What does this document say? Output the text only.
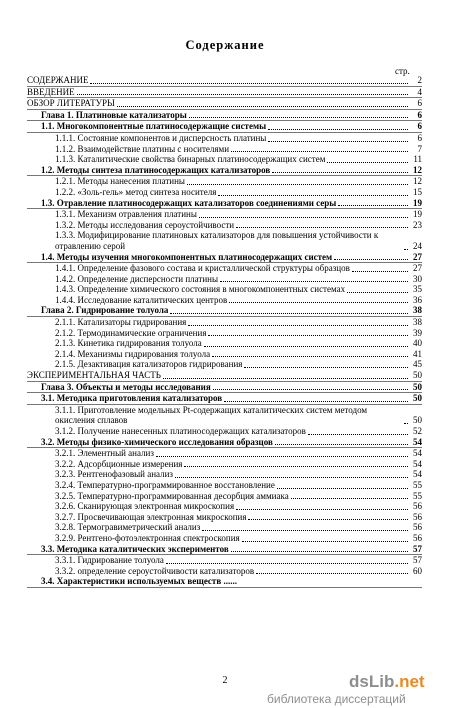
Содержание
стр.
СОДЕРЖАНИЕ	2
ВВЕДЕНИЕ	4
ОБЗОР ЛИТЕРАТУРЫ	6
Глава 1. Платиновые катализаторы	6
1.1. Многокомпонентные платиносодержащие системы	6
1.1.1. Состояние компонентов и дисперсность платины	6
1.1.2. Взаимодействие платины с носителями	7
1.1.3. Каталитические свойства бинарных платиносодержащих систем	11
1.2. Методы синтеза платиносодержащих катализаторов	12
1.2.1. Методы нанесения платины	12
1.2.2. «Золь-гель» метод синтеза носителя	15
1.3. Отравление платиносодержащих катализаторов соединениями серы	19
1.3.1. Механизм отравления платины	19
1.3.2. Методы исследования сероустойчивости	23
1.3.3. Модифицирование платиновых катализаторов для повышения устойчивости к отравлению серой	24
1.4. Методы изучения многокомпонентных платиносодержащих систем	27
1.4.1. Определение фазового состава и кристаллической структуры образцов	27
1.4.2. Определение дисперсности платины	30
1.4.3. Определение химического состояния в многокомпонентных системах	35
1.4.4. Исследование каталитических центров	36
Глава 2. Гидрирование толуола	38
2.1.1. Катализаторы гидрирования	38
2.1.2. Термодинамические ограничения	39
2.1.3. Кинетика гидрирования толуола	40
2.1.4. Механизмы гидрирования толуола	41
2.1.5. Дезактивация катализаторов гидрирования	45
ЭКСПЕРИМЕНТАЛЬНАЯ ЧАСТЬ	50
Глава 3. Объекты и методы исследования	50
3.1. Методика приготовления катализаторов	50
3.1.1. Приготовление модельных Pt-содержащих каталитических систем методом окисления сплавов	50
3.1.2. Получение нанесенных платиносодержащих катализаторов	52
3.2. Методы физико-химического исследования образцов	54
3.2.1. Элементный анализ	54
3.2.2. Адсорбционные измерения	54
3.2.3. Рентгенофазовый анализ	54
3.2.4. Температурно-программированное восстановление	55
3.2.5. Температурно-программированная десорбция аммиака	55
3.2.6. Сканирующая электронная микроскопия	56
3.2.7. Просвечивающая электронная микроскопия	56
3.2.8. Термогравиметрический анализ	56
3.2.9. Рентгено-фотоэлектронная спектроскопия	56
3.3. Методика каталитических экспериментов	57
3.3.1. Гидрирование толуола	57
3.3.2. определение сероустойчивости катализаторов	60
3.4. Характеристики используемых веществ ......
2	dsLib.net
библиотека диссертаций
